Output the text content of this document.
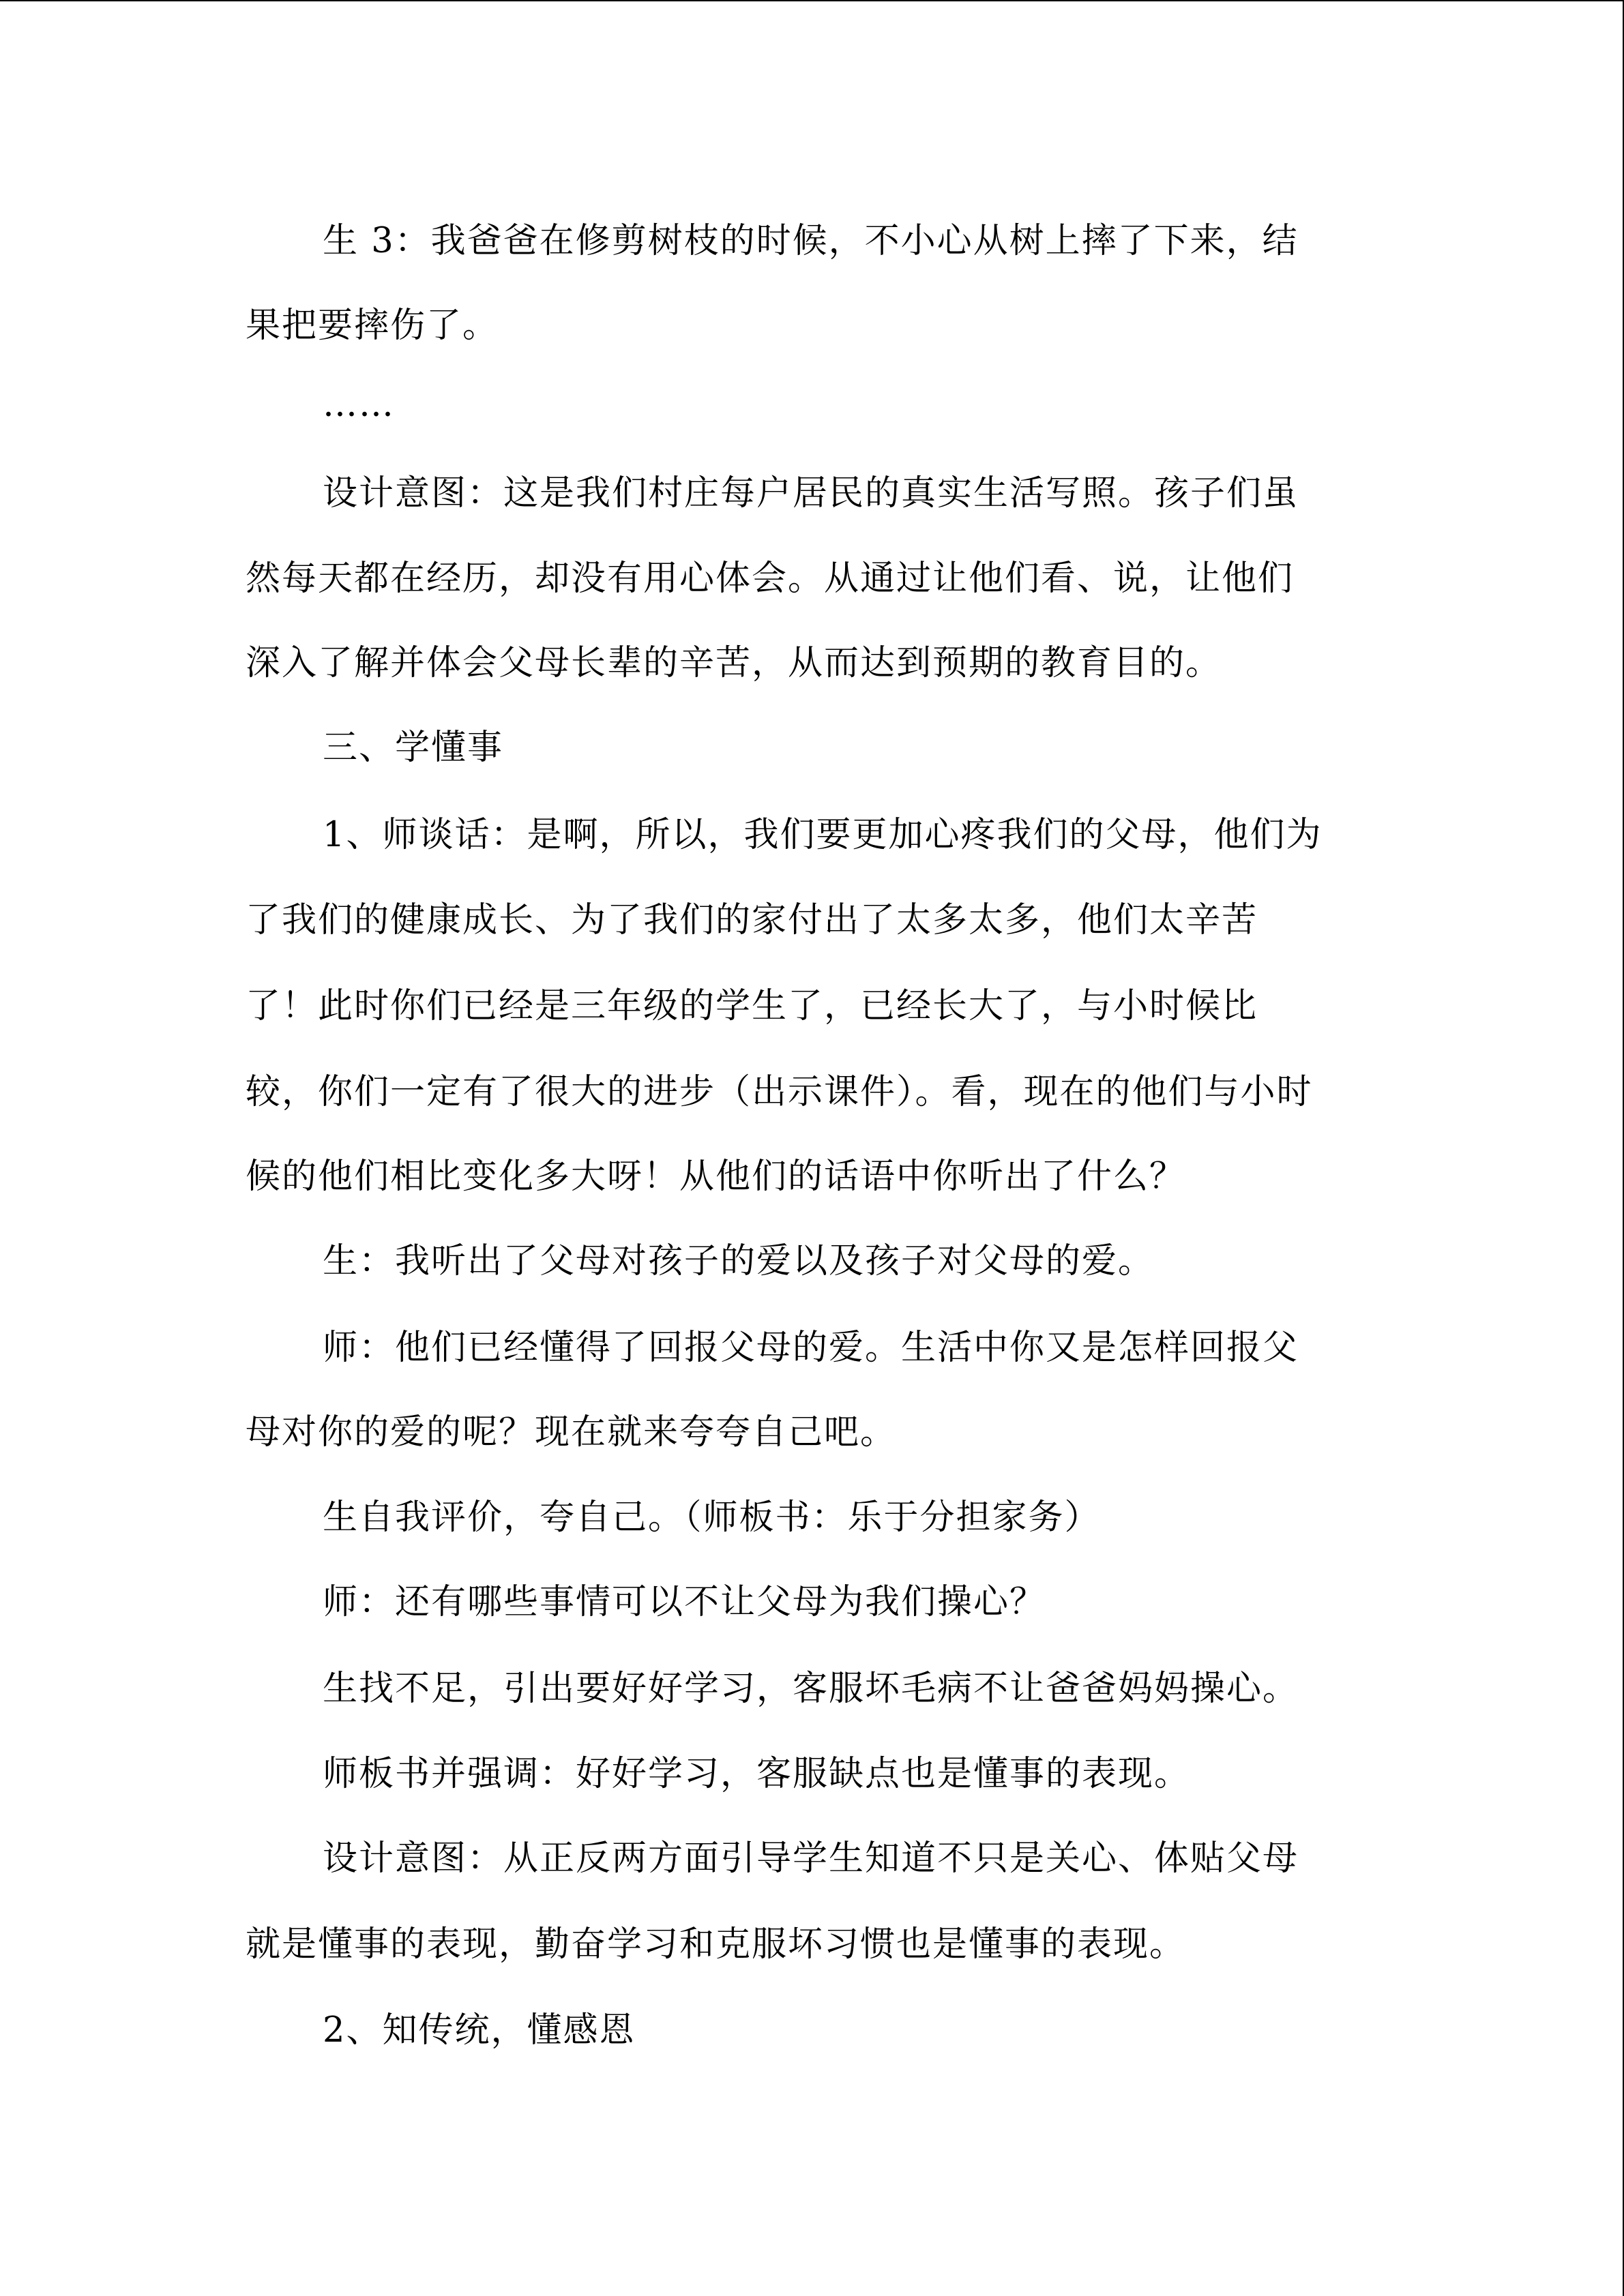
生 3：我爸爸在修剪树枝的时候，不小心从树上摔了下来，结
果把要摔伤了。
……
设计意图：这是我们村庄每户居民的真实生活写照。孩子们虽
然每天都在经历，却没有用心体会。从通过让他们看、说，让他们
深入了解并体会父母长辈的辛苦，从而达到预期的教育目的。
三、学懂事
1、师谈话：是啊，所以，我们要更加心疼我们的父母，他们为
了我们的健康成长、为了我们的家付出了太多太多，他们太辛苦
了！此时你们已经是三年级的学生了，已经长大了，与小时候比
较，你们一定有了很大的进步（出示课件）。看，现在的他们与小时
候的他们相比变化多大呀！从他们的话语中你听出了什么？
生：我听出了父母对孩子的爱以及孩子对父母的爱。
师：他们已经懂得了回报父母的爱。生活中你又是怎样回报父
母对你的爱的呢？现在就来夸夸自己吧。
生自我评价，夸自己。（师板书：乐于分担家务）
师：还有哪些事情可以不让父母为我们操心？
生找不足，引出要好好学习，客服坏毛病不让爸爸妈妈操心。
师板书并强调：好好学习，客服缺点也是懂事的表现。
设计意图：从正反两方面引导学生知道不只是关心、体贴父母
就是懂事的表现，勤奋学习和克服坏习惯也是懂事的表现。
2、知传统，懂感恩
